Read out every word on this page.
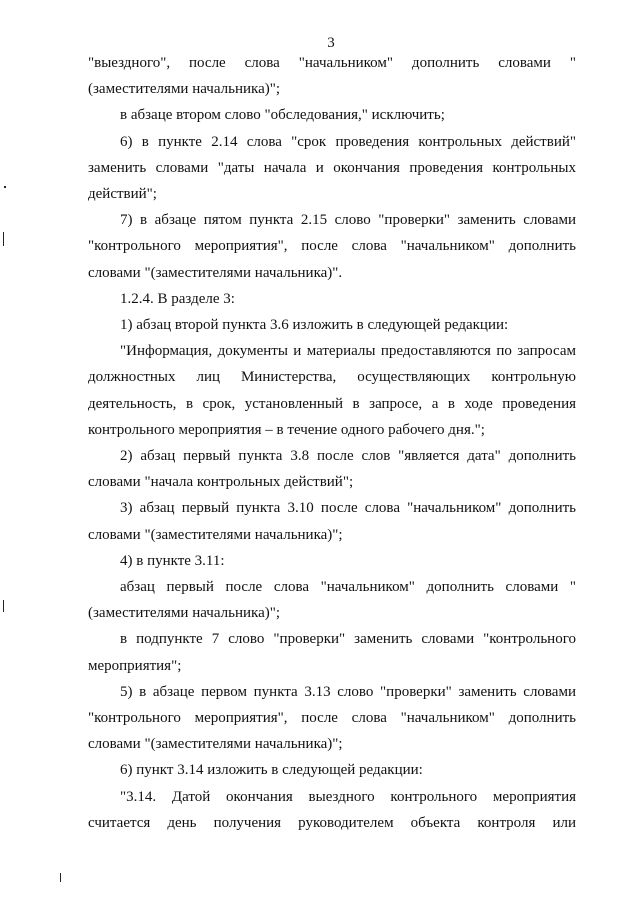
3

"выездного", после слова "начальником" дополнить словами "(заместителями начальника)";

в абзаце втором слово "обследования," исключить;

6) в пункте 2.14 слова "срок проведения контрольных действий" заменить словами "даты начала и окончания проведения контрольных действий";

7) в абзаце пятом пункта 2.15 слово "проверки" заменить словами "контрольного мероприятия", после слова "начальником" дополнить словами "(заместителями начальника)".

1.2.4. В разделе 3:

1) абзац второй пункта 3.6 изложить в следующей редакции:

"Информация, документы и материалы предоставляются по запросам должностных лиц Министерства, осуществляющих контрольную деятельность, в срок, установленный в запросе, а в ходе проведения контрольного мероприятия – в течение одного рабочего дня.";

2) абзац первый пункта 3.8 после слов "является дата" дополнить словами "начала контрольных действий";

3) абзац первый пункта 3.10 после слова "начальником" дополнить словами "(заместителями начальника)";

4) в пункте 3.11:

абзац первый после слова "начальником" дополнить словами "(заместителями начальника)";

в подпункте 7 слово "проверки" заменить словами "контрольного мероприятия";

5) в абзаце первом пункта 3.13 слово "проверки" заменить словами "контрольного мероприятия", после слова "начальником" дополнить словами "(заместителями начальника)";

6) пункт 3.14 изложить в следующей редакции:

"3.14. Датой окончания выездного контрольного мероприятия считается день получения руководителем объекта контроля или
